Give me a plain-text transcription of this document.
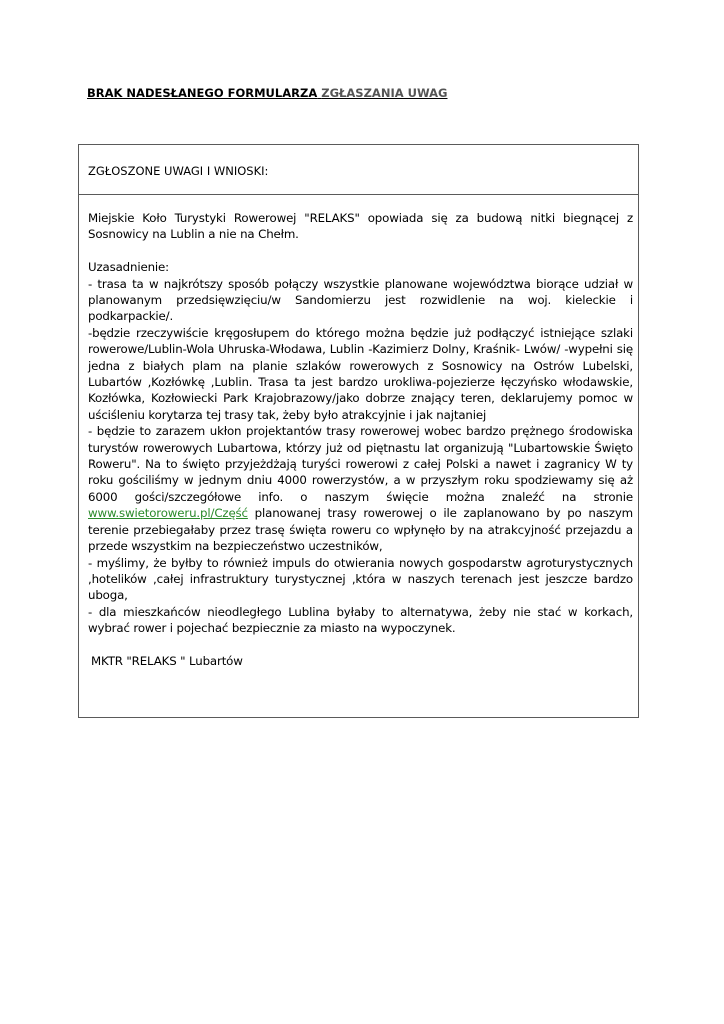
BRAK NADESŁANEGO FORMULARZA ZGŁASZANIA UWAG
ZGŁOSZONE UWAGI I WNIOSKI:

Miejskie Koło Turystyki Rowerowej "RELAKS" opowiada się za budową nitki biegnącej z Sosnowicy na Lublin a nie na Chełm.

Uzasadnienie:

- trasa ta w najkrótszy sposób połączy wszystkie planowane województwa biorące udział w planowanym przedsięwzięciu/w Sandomierzu jest rozwidlenie na woj. kieleckie i podkarpackie/.

-będzie rzeczywiście kręgosłupem do którego można będzie już podłączyć istniejące szlaki rowerowe/Lublin-Wola Uhruska-Włodawa, Lublin -Kazimierz Dolny, Kraśnik- Lwów/ -wypełni się jedna z białych plam na planie szlaków rowerowych z Sosnowicy na Ostrów Lubelski, Lubartów ,Kozłówkę ,Lublin. Trasa ta jest bardzo urokliwa-pojezierze łęczyńsko włodawskie, Kozłówka, Kozłowiecki Park Krajobrazowy/jako dobrze znający teren, deklarujemy pomoc w uściśleniu korytarza tej trasy tak, żeby było atrakcyjnie i jak najtaniej

- będzie to zarazem ukłon projektantów trasy rowerowej wobec bardzo prężnego środowiska turystów rowerowych Lubartowa, którzy już od piętnastu lat organizują "Lubartowskie Święto Roweru". Na to święto przyjeżdżają turyści rowerowi z całej Polski a nawet i zagranicy W ty roku gościliśmy w jednym dniu 4000 rowerzystów, a w przyszłym roku spodziewamy się aż 6000 gości/szczegółowe info. o naszym święcie można znaleźć na stronie www.swietoroweru.pl/Część planowanej trasy rowerowej o ile zaplanowano by po naszym terenie przebiegałaby przez trasę święta roweru co wpłynęło by na atrakcyjność przejazdu a przede wszystkim na bezpieczeństwo uczestników,

- myślimy, że byłby to również impuls do otwierania nowych gospodarstw agroturystycznych ,hotelików ,całej infrastruktury turystycznej ,która w naszych terenach jest jeszcze bardzo uboga,

- dla mieszkańców nieodległego Lublina byłaby to alternatywa, żeby nie stać w korkach, wybrać rower i pojechać bezpiecznie za miasto na wypoczynek.

MKTR "RELAKS " Lubartów
